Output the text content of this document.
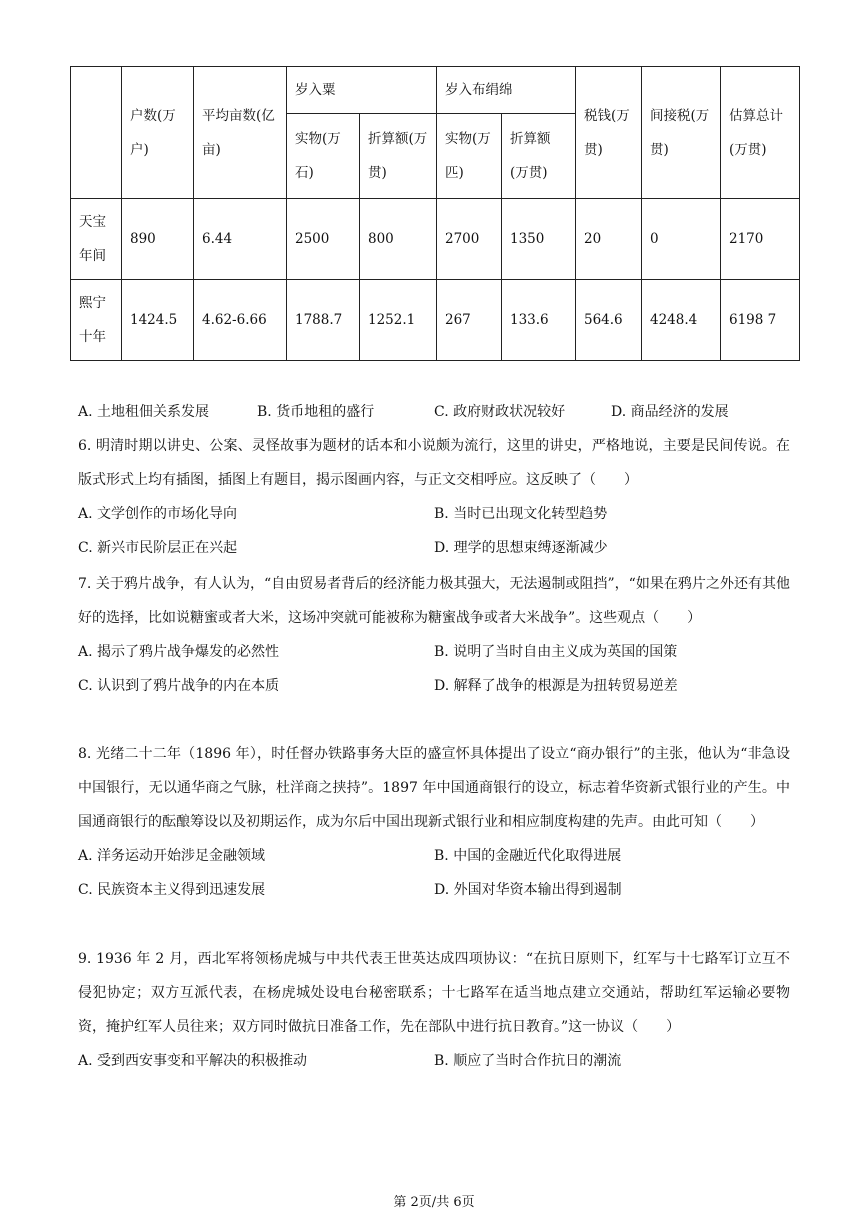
	户数(万户)	平均亩数(亿亩)	岁入粟		岁入布绢绵		税钱(万贯)	间接税(万贯)	估算总计(万贯)
			实物(万石)	折算额(万贯)	实物(万匹)	折算额(万贯)			
天宝年间	890	6.44	2500	800	2700	1350	20	0	2170
熙宁十年	1424.5	4.62-6.66	1788.7	1252.1	267	133.6	564.6	4248.4	6198 7
A. 土地租佃关系发展	B. 货币地租的盛行	C. 政府财政状况较好	D. 商品经济的发展

6. 明清时期以讲史、公案、灵怪故事为题材的话本和小说颇为流行，这里的讲史，严格地说，主要是民间传说。在版式形式上均有插图，插图上有题目，揭示图画内容，与正文交相呼应。这反映了（　　）

A. 文学创作的市场化导向	B. 当时已出现文化转型趋势
C. 新兴市民阶层正在兴起	D. 理学的思想束缚逐渐减少

7. 关于鸦片战争，有人认为，“自由贸易者背后的经济能力极其强大，无法遏制或阻挡”，“如果在鸦片之外还有其他好的选择，比如说糖蜜或者大米，这场冲突就可能被称为糖蜜战争或者大米战争”。这些观点（　　）

A. 揭示了鸦片战争爆发的必然性	B. 说明了当时自由主义成为英国的国策
C. 认识到了鸦片战争的内在本质	D. 解释了战争的根源是为扭转贸易逆差

8. 光绪二十二年（1896 年），时任督办铁路事务大臣的盛宣怀具体提出了设立“商办银行”的主张，他认为“非急设中国银行，无以通华商之气脉，杜洋商之挟持”。1897 年中国通商银行的设立，标志着华资新式银行业的产生。中国通商银行的酝酿筹设以及初期运作，成为尔后中国出现新式银行业和相应制度构建的先声。由此可知（　　）

A. 洋务运动开始涉足金融领域	B. 中国的金融近代化取得进展
C. 民族资本主义得到迅速发展	D. 外国对华资本输出得到遏制

9. 1936 年 2 月，西北军将领杨虎城与中共代表王世英达成四项协议：“在抗日原则下，红军与十七路军订立互不侵犯协定；双方互派代表，在杨虎城处设电台秘密联系；十七路军在适当地点建立交通站，帮助红军运输必要物资，掩护红军人员往来；双方同时做抗日准备工作，先在部队中进行抗日教育。”这一协议（　　）

A. 受到西安事变和平解决的积极推动	B. 顺应了当时合作抗日的潮流
第 2页/共 6页
